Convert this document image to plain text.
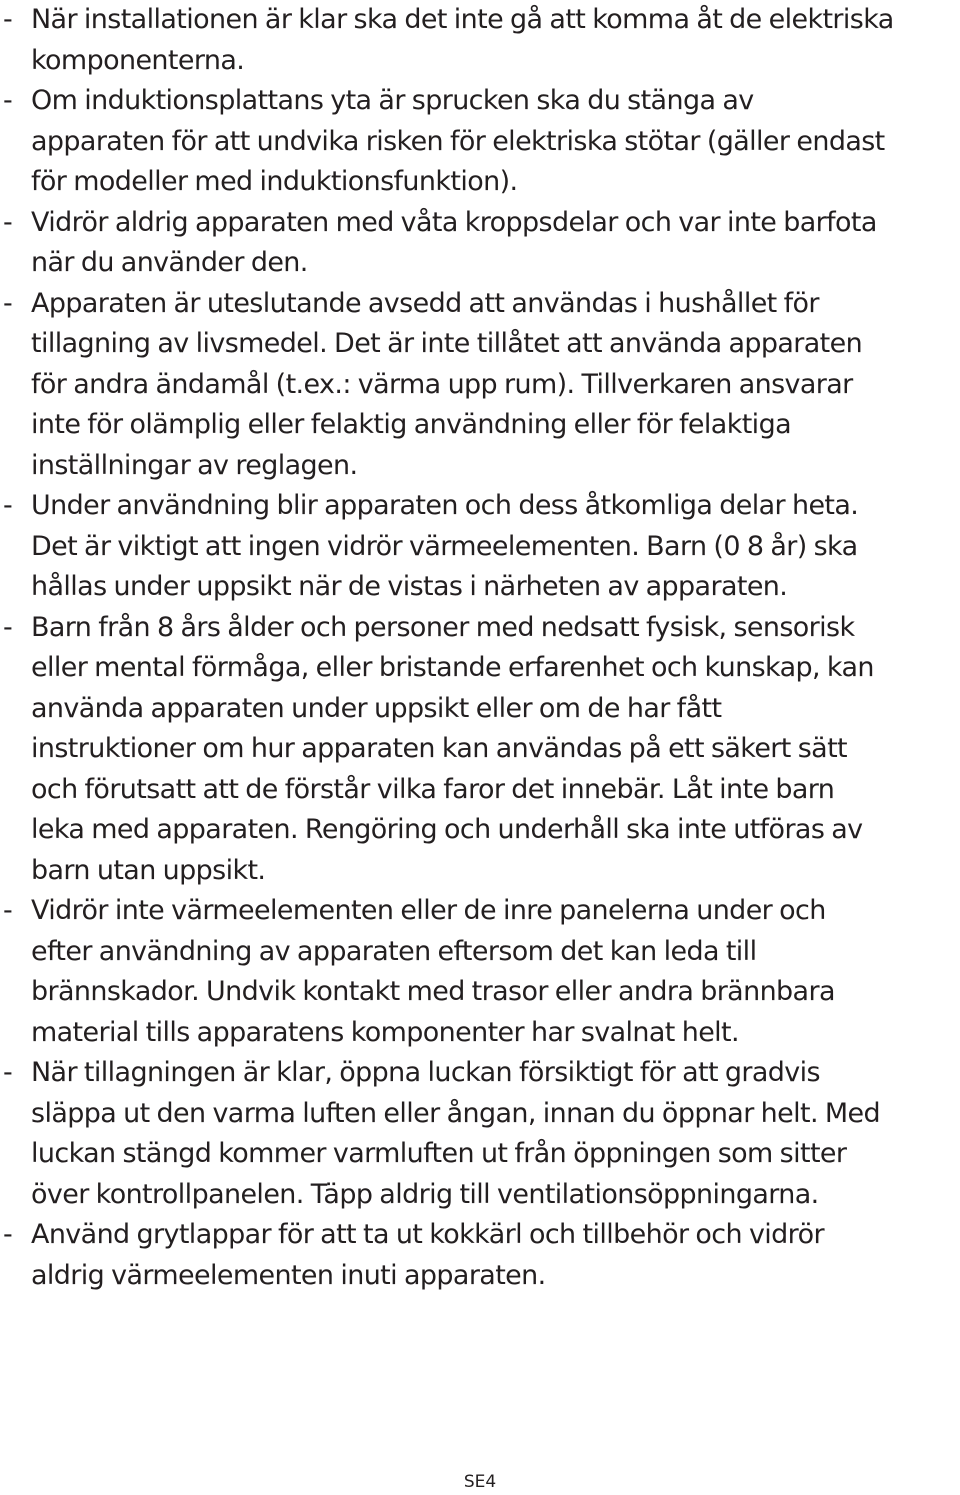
- När installationen är klar ska det inte gå att komma åt de elektriska
komponenterna.
- Om induktionsplattans yta är sprucken ska du stänga av
apparaten för att undvika risken för elektriska stötar (gäller endast
för modeller med induktionsfunktion).
- Vidrör aldrig apparaten med våta kroppsdelar och var inte barfota
när du använder den.
- Apparaten är uteslutande avsedd att användas i hushållet för
tillagning av livsmedel. Det är inte tillåtet att använda apparaten
för andra ändamål (t.ex.: värma upp rum). Tillverkaren ansvarar
inte för olämplig eller felaktig användning eller för felaktiga
inställningar av reglagen.
- Under användning blir apparaten och dess åtkomliga delar heta.
Det är viktigt att ingen vidrör värmeelementen. Barn (0 8 år) ska
hållas under uppsikt när de vistas i närheten av apparaten.
- Barn från 8 års ålder och personer med nedsatt fysisk, sensorisk
eller mental förmåga, eller bristande erfarenhet och kunskap, kan
använda apparaten under uppsikt eller om de har fått
instruktioner om hur apparaten kan användas på ett säkert sätt
och förutsatt att de förstår vilka faror det innebär. Låt inte barn
leka med apparaten. Rengöring och underhåll ska inte utföras av
barn utan uppsikt.
- Vidrör inte värmeelementen eller de inre panelerna under och
efter användning av apparaten eftersom det kan leda till
brännskador. Undvik kontakt med trasor eller andra brännbara
material tills apparatens komponenter har svalnat helt.
- När tillagningen är klar, öppna luckan försiktigt för att gradvis
släppa ut den varma luften eller ångan, innan du öppnar helt. Med
luckan stängd kommer varmluften ut från öppningen som sitter
över kontrollpanelen. Täpp aldrig till ventilationsöppningarna.
- Använd grytlappar för att ta ut kokkärl och tillbehör och vidrör
aldrig värmeelementen inuti apparaten.
SE4
